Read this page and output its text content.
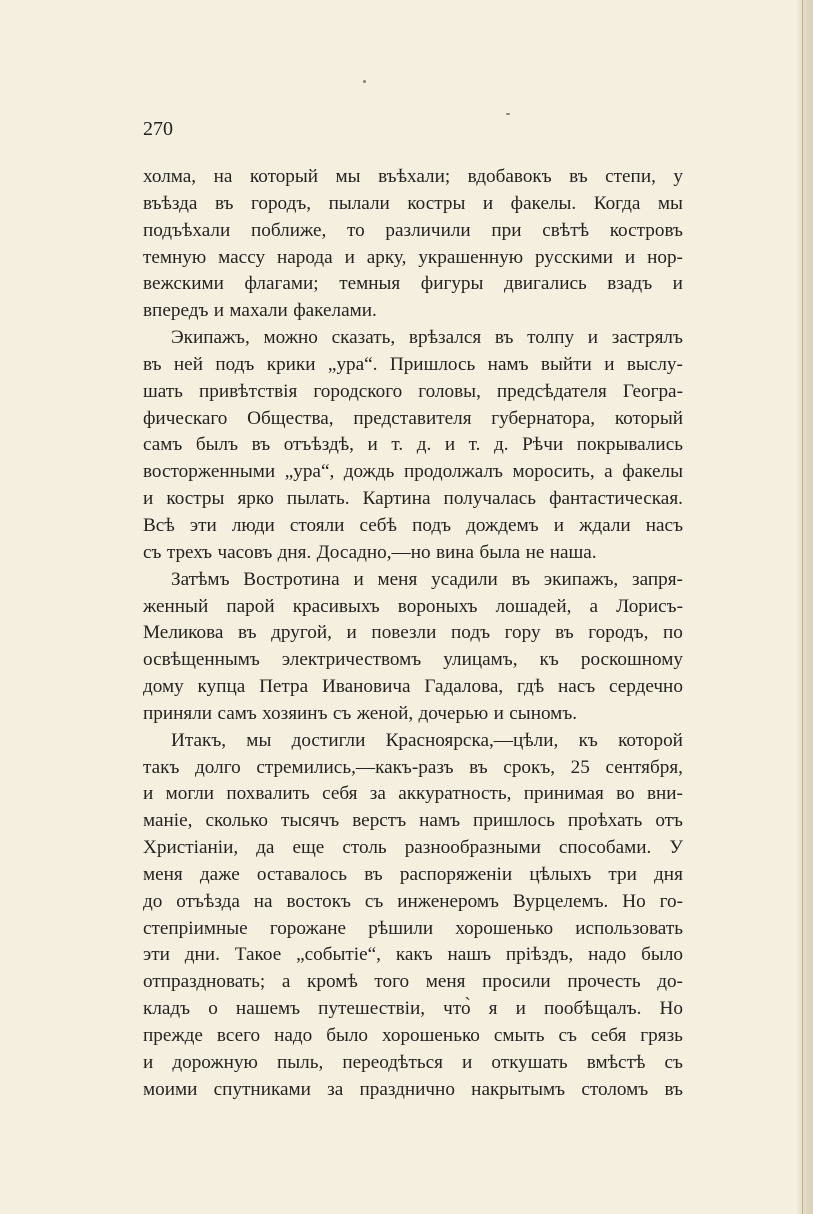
270
холма, на который мы въѣхали; вдобавокъ въ степи, у
въѣзда въ городъ, пылали костры и факелы. Когда мы
подъѣхали поближе, то различили при свѣтѣ костровъ
темную массу народа и арку, украшенную русскими и нор-
вежскими флагами; темныя фигуры двигались взадъ и
впередъ и махали факелами.
Экипажъ, можно сказать, врѣзался въ толпу и застрялъ
въ ней подъ крики „ура“. Пришлось намъ выйти и выслу-
шать привѣтствія городского головы, предсѣдателя Геогра-
фическаго Общества, представителя губернатора, который
самъ былъ въ отъѣздѣ, и т. д. и т. д. Рѣчи покрывались
восторженными „ура“, дождь продолжалъ моросить, а факелы
и костры ярко пылать. Картина получалась фантастическая.
Всѣ эти люди стояли себѣ подъ дождемъ и ждали насъ
съ трехъ часовъ дня. Досадно,—но вина была не наша.
Затѣмъ Востротина и меня усадили въ экипажъ, запря-
женный парой красивыхъ вороныхъ лошадей, а Лорисъ-
Меликова въ другой, и повезли подъ гору въ городъ, по
освѣщеннымъ электричествомъ улицамъ, къ роскошному
дому купца Петра Ивановича Гадалова, гдѣ насъ сердечно
приняли самъ хозяинъ съ женой, дочерью и сыномъ.
Итакъ, мы достигли Красноярска,—цѣли, къ которой
такъ долго стремились,—какъ-разъ въ срокъ, 25 сентября,
и могли похвалить себя за аккуратность, принимая во вни-
маніе, сколько тысячъ верстъ намъ пришлось проѣхать отъ
Христіаніи, да еще столь разнообразными способами. У
меня даже оставалось въ распоряженіи цѣлыхъ три дня
до отъѣзда на востокъ съ инженеромъ Вурцелемъ. Но го-
степріимные горожане рѣшили хорошенько использовать
эти дни. Такое „событіе“, какъ нашъ пріѣздъ, надо было
отпраздновать; а кромѣ того меня просили прочесть до-
кладъ о нашемъ путешествіи, что̀ я и пообѣщалъ. Но
прежде всего надо было хорошенько смыть съ себя грязь
и дорожную пыль, переодѣться и откушать вмѣстѣ съ
моими спутниками за празднично накрытымъ столомъ въ
